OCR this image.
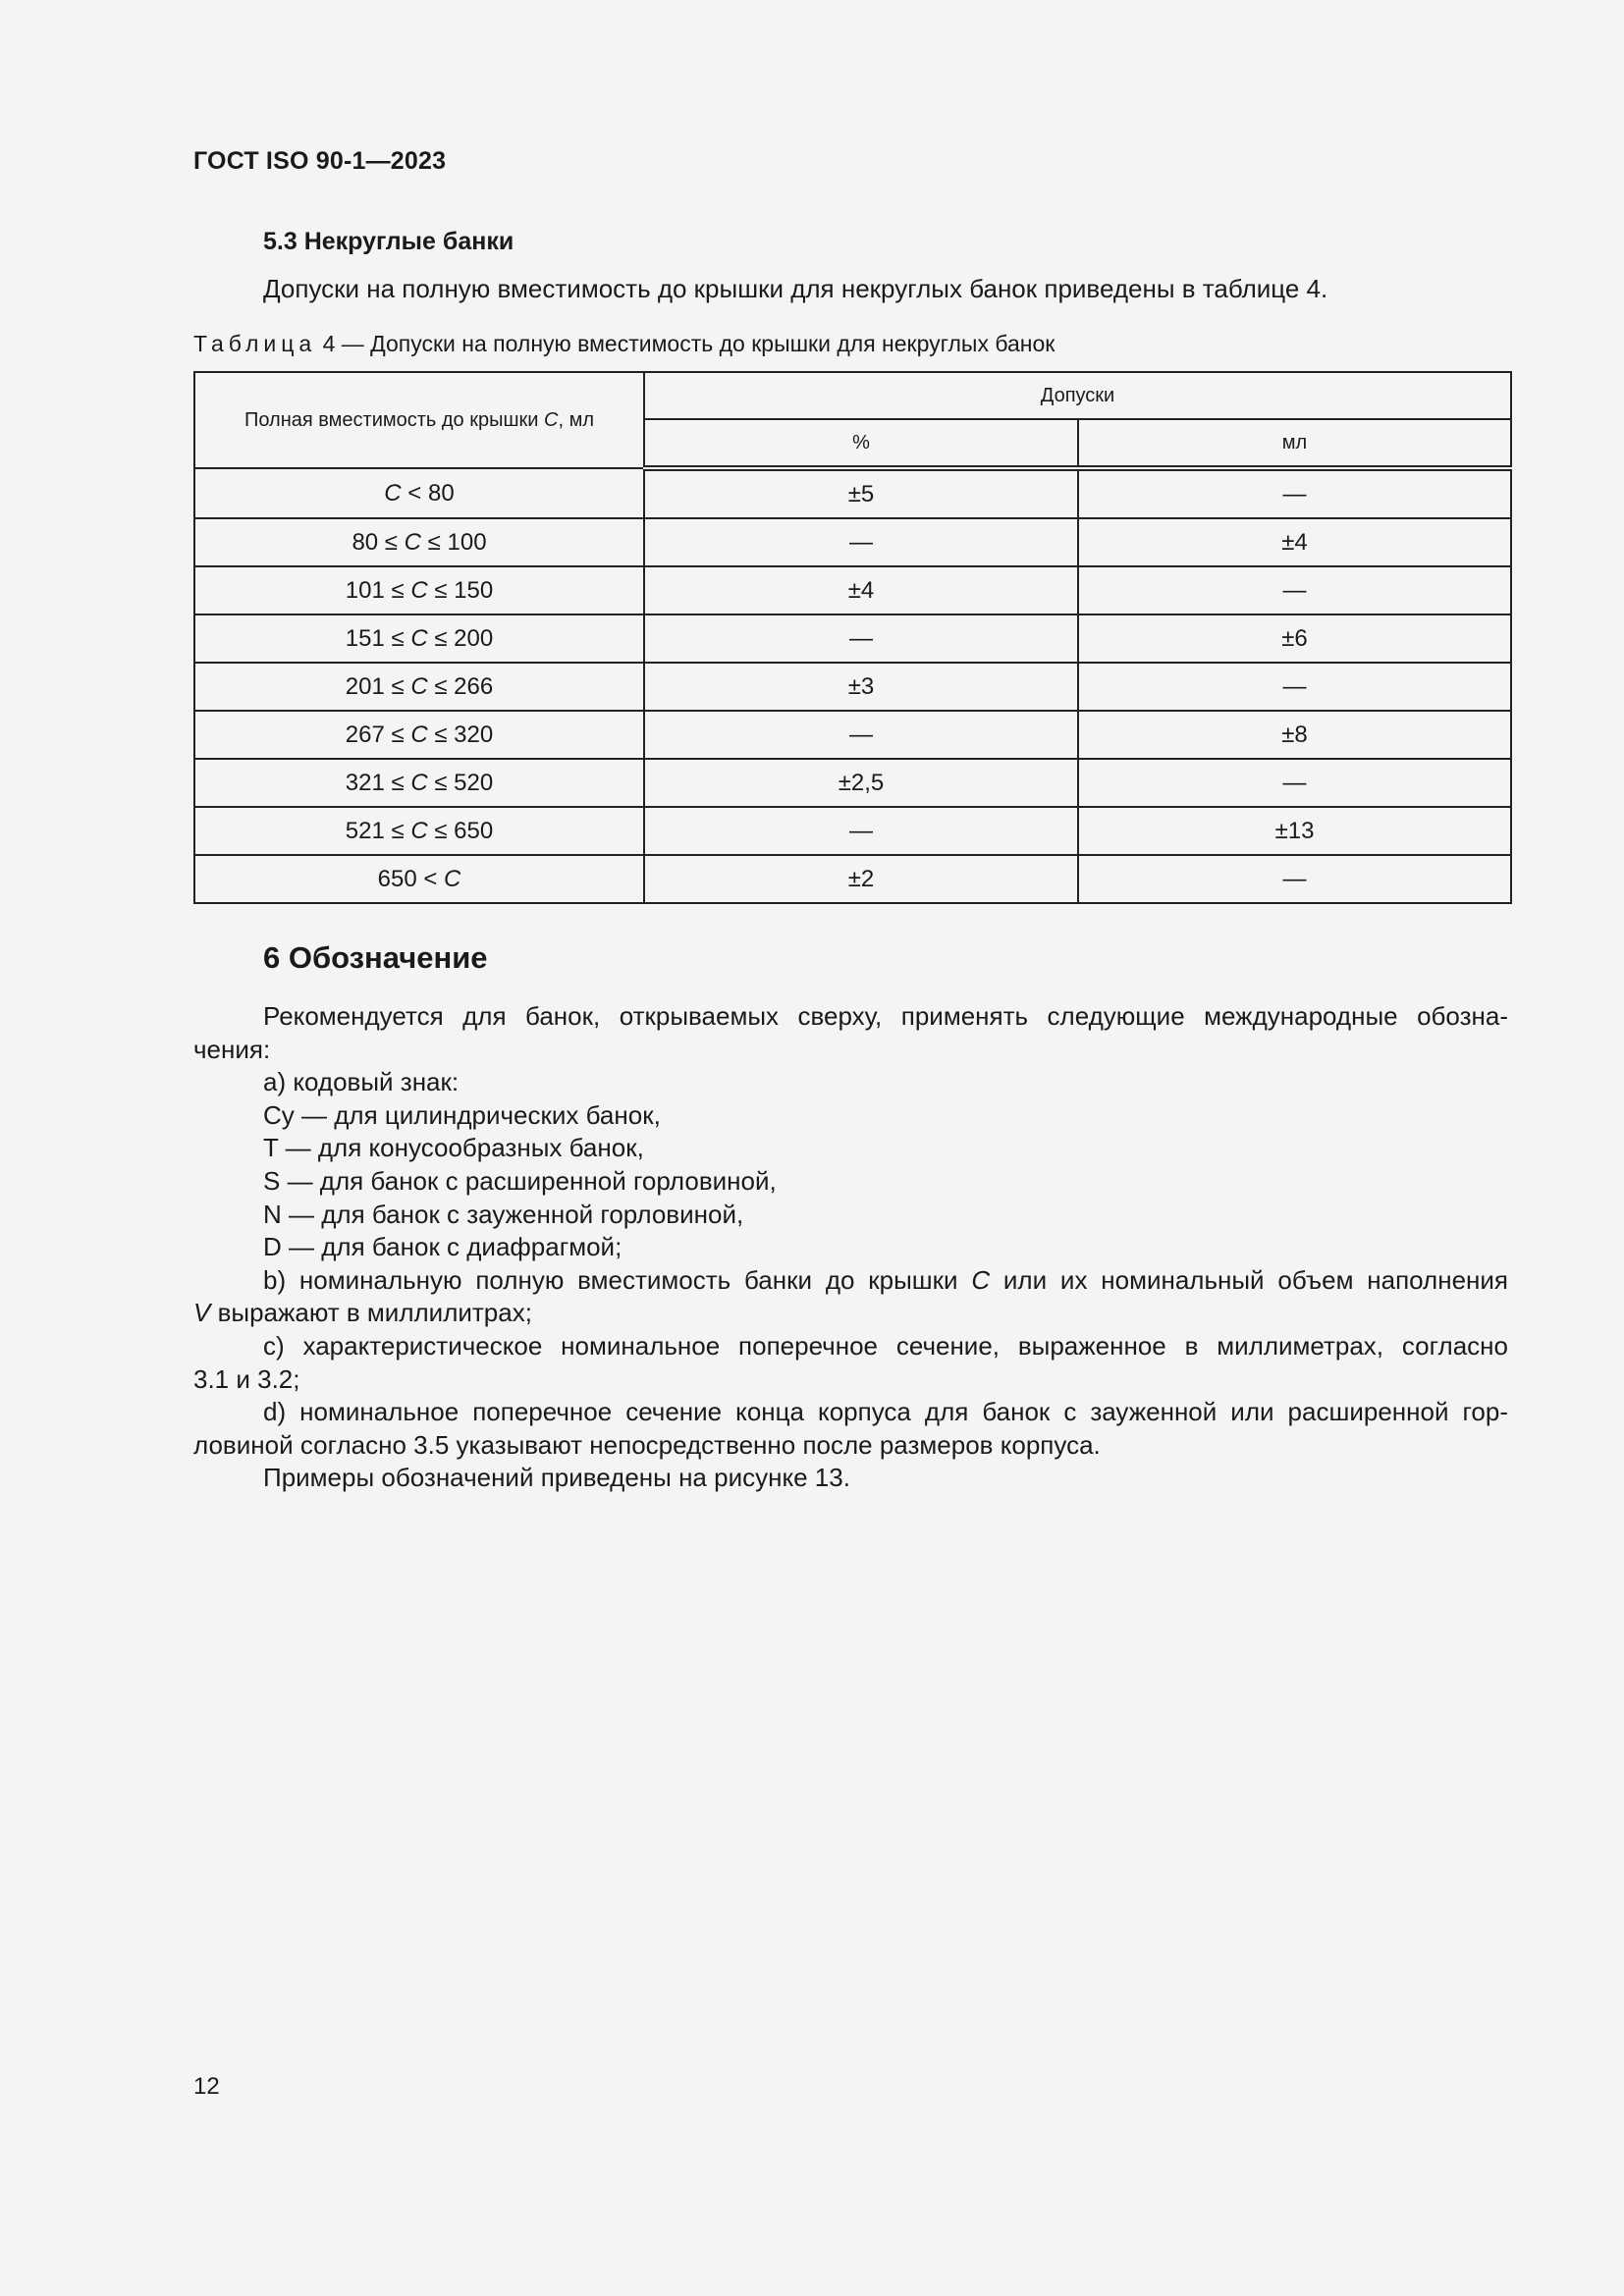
ГОСТ ISO 90-1—2023
5.3 Некруглые банки
Допуски на полную вместимость до крышки для некруглых банок приведены в таблице 4.
Таблица 4 — Допуски на полную вместимость до крышки для некруглых банок
Полная вместимость до крышки C, мл	Допуски	
	%	мл
C < 80	±5	—
80 ≤ C ≤ 100	—	±4
101 ≤ C ≤ 150	±4	—
151 ≤ C ≤ 200	—	±6
201 ≤ C ≤ 266	±3	—
267 ≤ C ≤ 320	—	±8
321 ≤ C ≤ 520	±2,5	—
521 ≤ C ≤ 650	—	±13
650 < C	±2	—
6 Обозначение

Рекомендуется для банок, открываемых сверху, применять следующие международные обозна-

чения:

а) кодовый знак:

Cy — для цилиндрических банок,

T — для конусообразных банок,

S — для банок с расширенной горловиной,

N — для банок с зауженной горловиной,

D — для банок с диафрагмой;

b) номинальную полную вместимость банки до крышки C или их номинальный объем наполнения

V выражают в миллилитрах;

c) характеристическое номинальное поперечное сечение, выраженное в миллиметрах, согласно

3.1 и 3.2;

d) номинальное поперечное сечение конца корпуса для банок с зауженной или расширенной гор-

ловиной согласно 3.5 указывают непосредственно после размеров корпуса.

Примеры обозначений приведены на рисунке 13.

12
